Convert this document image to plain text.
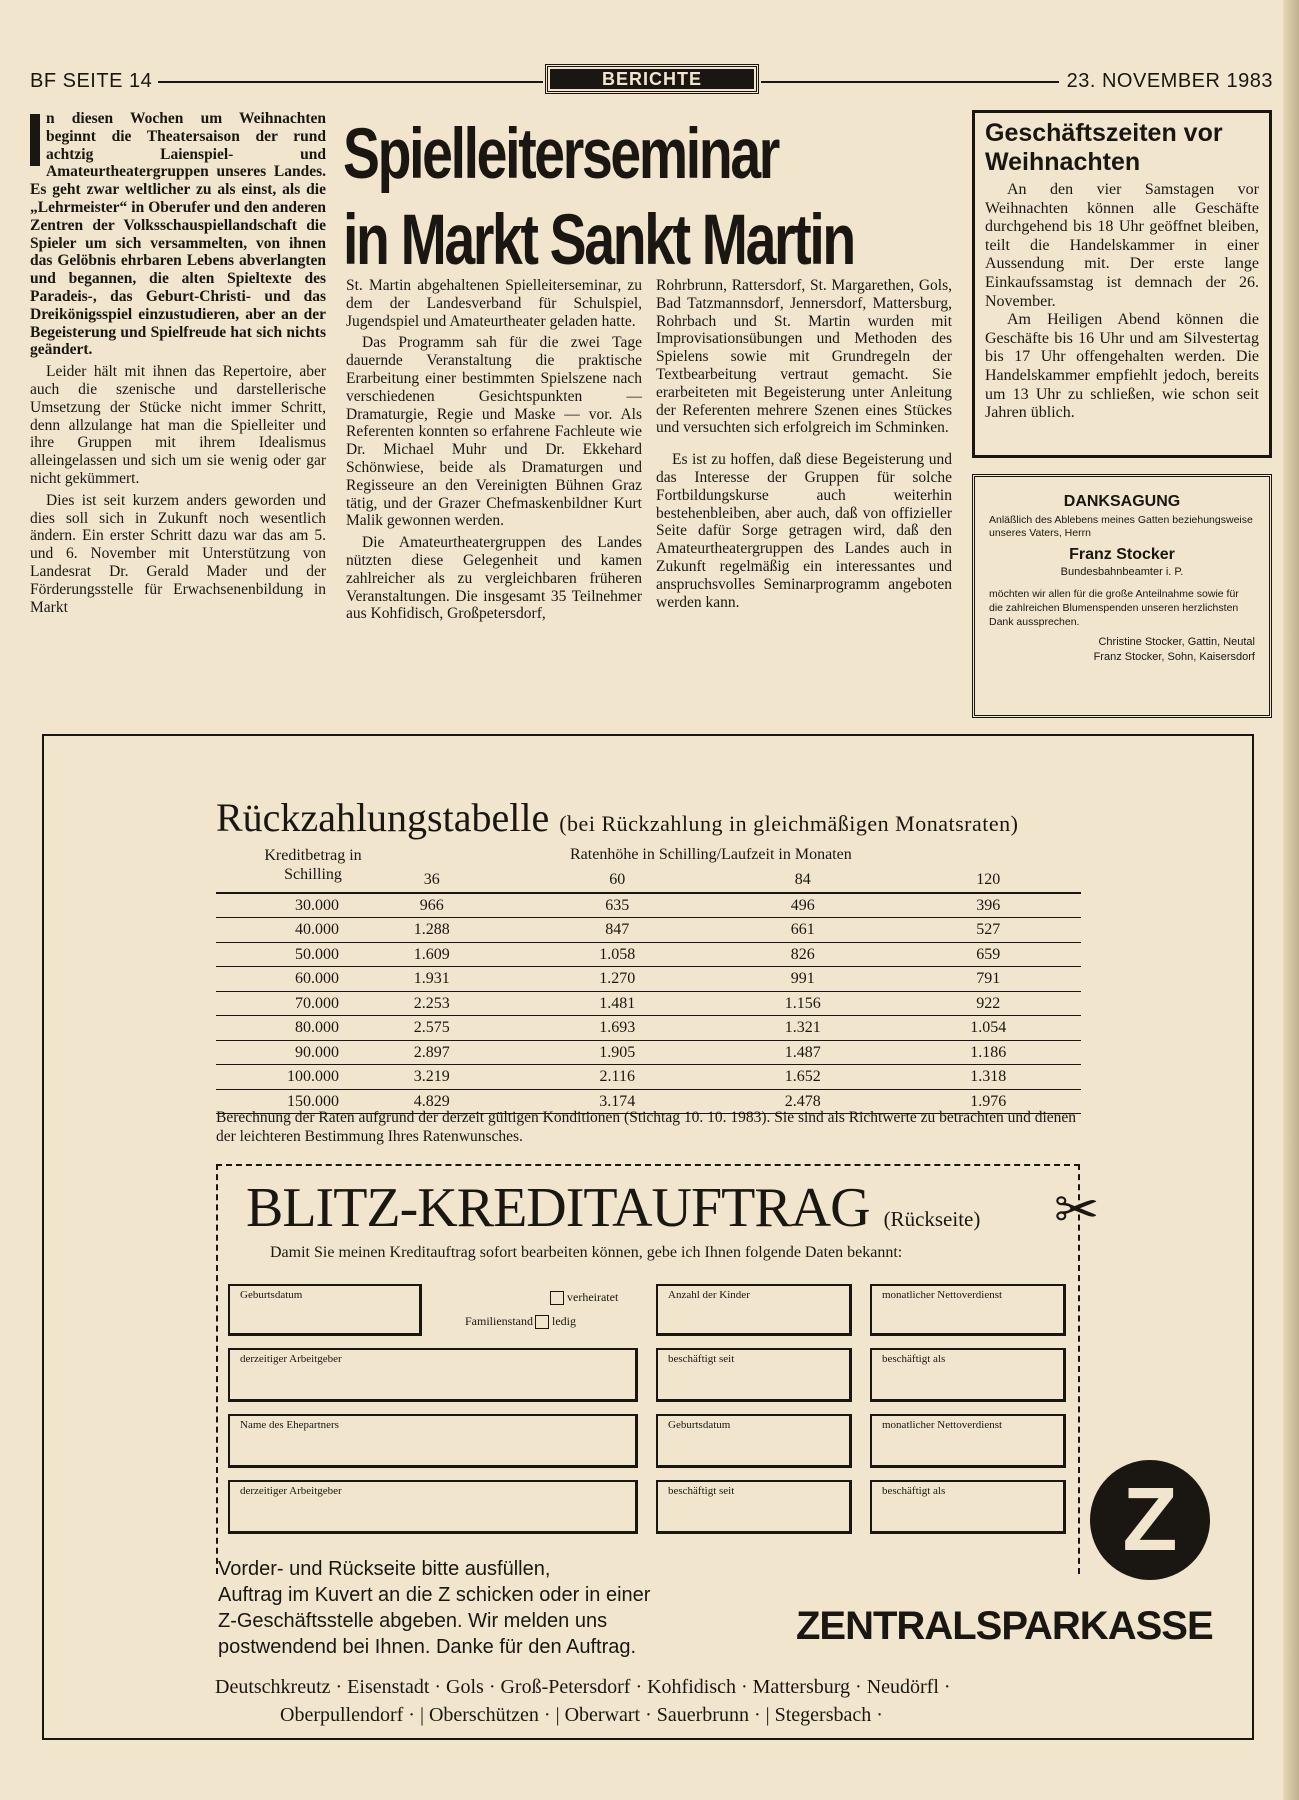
BF SEITE 14	BERICHTE	23. NOVEMBER 1983
Spielleiterseminar
in Markt Sankt Martin

n diesen Wochen um Weihnachten beginnt die Theatersaison der rund achtzig Laienspiel- und Amateurtheatergruppen unseres Landes. Es geht zwar weltlicher zu als einst, als die „Lehrmeister“ in Oberufer und den anderen Zentren der Volksschauspiellandschaft die Spieler um sich versammelten, von ihnen das Gelöbnis ehrbaren Lebens abverlangten und begannen, die alten Spieltexte des Paradeis-, das Geburt-Christi- und das Dreikönigsspiel einzustudieren, aber an der Begeisterung und Spielfreude hat sich nichts geändert.

Leider hält mit ihnen das Repertoire, aber auch die szenische und darstellerische Umsetzung der Stücke nicht immer Schritt, denn allzulange hat man die Spielleiter und ihre Gruppen mit ihrem Idealismus alleingelassen und sich um sie wenig oder gar nicht gekümmert.

Dies ist seit kurzem anders geworden und dies soll sich in Zukunft noch wesentlich ändern. Ein erster Schritt dazu war das am 5. und 6. November mit Unterstützung von Landesrat Dr. Gerald Mader und der Förderungsstelle für Erwachsenenbildung in Markt

St. Martin abgehaltenen Spielleiterseminar, zu dem der Landesverband für Schulspiel, Jugendspiel und Amateurtheater geladen hatte.

Das Programm sah für die zwei Tage dauernde Veranstaltung die praktische Erarbeitung einer bestimmten Spielszene nach verschiedenen Gesichtspunkten — Dramaturgie, Regie und Maske — vor. Als Referenten konnten so erfahrene Fachleute wie Dr. Michael Muhr und Dr. Ekkehard Schönwiese, beide als Dramaturgen und Regisseure an den Vereinigten Bühnen Graz tätig, und der Grazer Chefmaskenbildner Kurt Malik gewonnen werden.

Die Amateurtheatergruppen des Landes nützten diese Gelegenheit und kamen zahlreicher als zu vergleichbaren früheren Veranstaltungen. Die insgesamt 35 Teilnehmer aus Kohfidisch, Großpetersdorf,

Rohrbrunn, Rattersdorf, St. Margarethen, Gols, Bad Tatzmannsdorf, Jennersdorf, Mattersburg, Rohrbach und St. Martin wurden mit Improvisationsübungen und Methoden des Spielens sowie mit Grundregeln der Textbearbeitung vertraut gemacht. Sie erarbeiteten mit Begeisterung unter Anleitung der Referenten mehrere Szenen eines Stückes und versuchten sich erfolgreich im Schminken.

Es ist zu hoffen, daß diese Begeisterung und das Interesse der Gruppen für solche Fortbildungskurse auch weiterhin bestehenbleiben, aber auch, daß von offizieller Seite dafür Sorge getragen wird, daß den Amateurtheatergruppen des Landes auch in Zukunft regelmäßig ein interessantes und anspruchsvolles Seminarprogramm angeboten werden kann.

Geschäftszeiten vor Weihnachten

An den vier Samstagen vor Weihnachten können alle Geschäfte durchgehend bis 18 Uhr geöffnet bleiben, teilt die Handelskammer in einer Aussendung mit. Der erste lange Einkaufssamstag ist demnach der 26. November.

Am Heiligen Abend können die Geschäfte bis 16 Uhr und am Silvestertag bis 17 Uhr offengehalten werden. Die Handelskammer empfiehlt jedoch, bereits um 13 Uhr zu schließen, wie schon seit Jahren üblich.

DANKSAGUNG
Anläßlich des Ablebens meines Gatten beziehungsweise unseres Vaters, Herrn
Franz Stocker
Bundesbahnbeamter i. P.
möchten wir allen für die große Anteilnahme sowie für die zahlreichen Blumenspenden unseren herzlichsten Dank aussprechen.
Christine Stocker, Gattin, Neutal
Franz Stocker, Sohn, Kaisersdorf
Rückzahlungstabelle (bei Rückzahlung in gleichmäßigen Monatsraten)
Kreditbetrag in Schilling
Ratenhöhe in Schilling/Laufzeit in Monaten
36	60	84	120
30.000	966	635	496	396
40.000	1.288	847	661	527
50.000	1.609	1.058	826	659
60.000	1.931	1.270	991	791
70.000	2.253	1.481	1.156	922
80.000	2.575	1.693	1.321	1.054
90.000	2.897	1.905	1.487	1.186
100.000	3.219	2.116	1.652	1.318
150.000	4.829	3.174	2.478	1.976
Berechnung der Raten aufgrund der derzeit gültigen Konditionen (Stichtag 10. 10. 1983). Sie sind als Richtwerte zu betrachten und dienen der leichteren Bestimmung Ihres Ratenwunsches.
BLITZ-KREDITAUFTRAG (Rückseite) ✂
Damit Sie meinen Kreditauftrag sofort bearbeiten können, gebe ich Ihnen folgende Daten bekannt:
Geburtsdatum	verheiratet
Familienstand ledig
Anzahl der Kinder	monatlicher Nettoverdienst
derzeitiger Arbeitgeber	beschäftigt seit	beschäftigt als
Name des Ehepartners	Geburtsdatum	monatlicher Nettoverdienst
derzeitiger Arbeitgeber	beschäftigt seit	beschäftigt als
Vorder- und Rückseite bitte ausfüllen,
Auftrag im Kuvert an die Z schicken oder in einer
Z-Geschäftsstelle abgeben. Wir melden uns
postwendend bei Ihnen. Danke für den Auftrag.
Z
ZENTRALSPARKASSE
Deutschkreutz · Eisenstadt · Gols · Groß-Petersdorf · Kohfidisch · Mattersburg · Neudörfl ·
Oberpullendorf · | Oberschützen · | Oberwart · Sauerbrunn · | Stegersbach ·
